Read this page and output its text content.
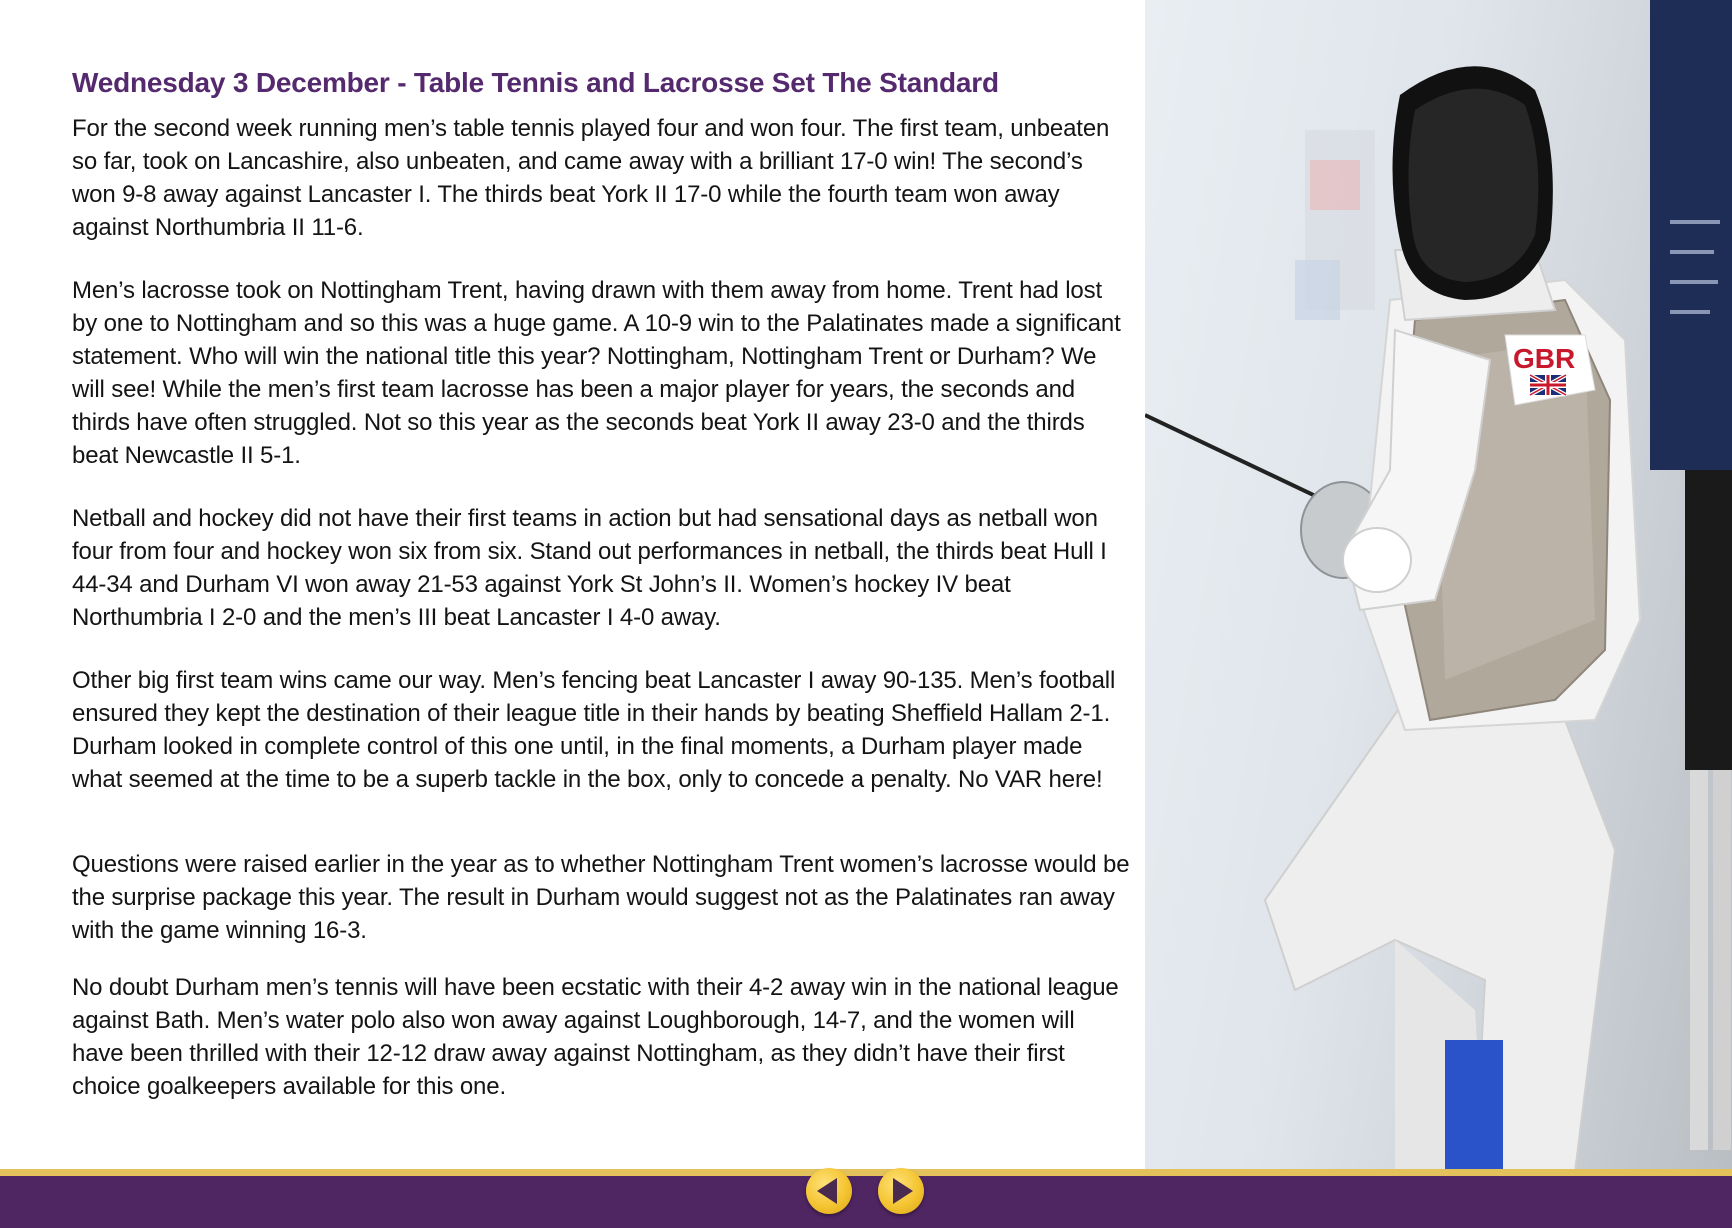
Wednesday 3 December - Table Tennis and Lacrosse Set The Standard

For the second week running men’s table tennis played four and won four. The first team, unbeaten so far, took on Lancashire, also unbeaten, and came away with a brilliant 17-0 win! The second’s won 9-8 away against Lancaster I. The thirds beat York II 17-0 while the fourth team won away against Northumbria II 11-6.

Men’s lacrosse took on Nottingham Trent, having drawn with them away from home. Trent had lost by one to Nottingham and so this was a huge game. A 10-9 win to the Palatinates made a significant statement. Who will win the national title this year? Nottingham, Nottingham Trent or Durham? We will see! While the men’s first team lacrosse has been a major player for years, the seconds and thirds have often struggled. Not so this year as the seconds beat York II away 23-0 and the thirds beat Newcastle II 5-1.

Netball and hockey did not have their first teams in action but had sensational days as netball won four from four and hockey won six from six. Stand out performances in netball, the thirds beat Hull I 44-34 and Durham VI won away 21-53 against York St John’s II. Women’s hockey IV beat Northumbria I 2-0 and the men’s III beat Lancaster I 4-0 away.

Other big first team wins came our way. Men’s fencing beat Lancaster I away 90-135. Men’s football ensured they kept the destination of their league title in their hands by beating Sheffield Hallam 2-1. Durham looked in complete control of this one until, in the final moments, a Durham player made what seemed at the time to be a superb tackle in the box, only to concede a penalty. No VAR here!

Questions were raised earlier in the year as to whether Nottingham Trent women’s lacrosse would be the surprise package this year. The result in Durham would suggest not as the Palatinates ran away with the game winning 16-3.

No doubt Durham men’s tennis will have been ecstatic with their 4-2 away win in the national league against Bath. Men’s water polo also won away against Loughborough, 14-7, and the women will have been thrilled with their 12-12 draw away against Nottingham, as they didn’t have their first choice goalkeepers available for this one.

GBR
